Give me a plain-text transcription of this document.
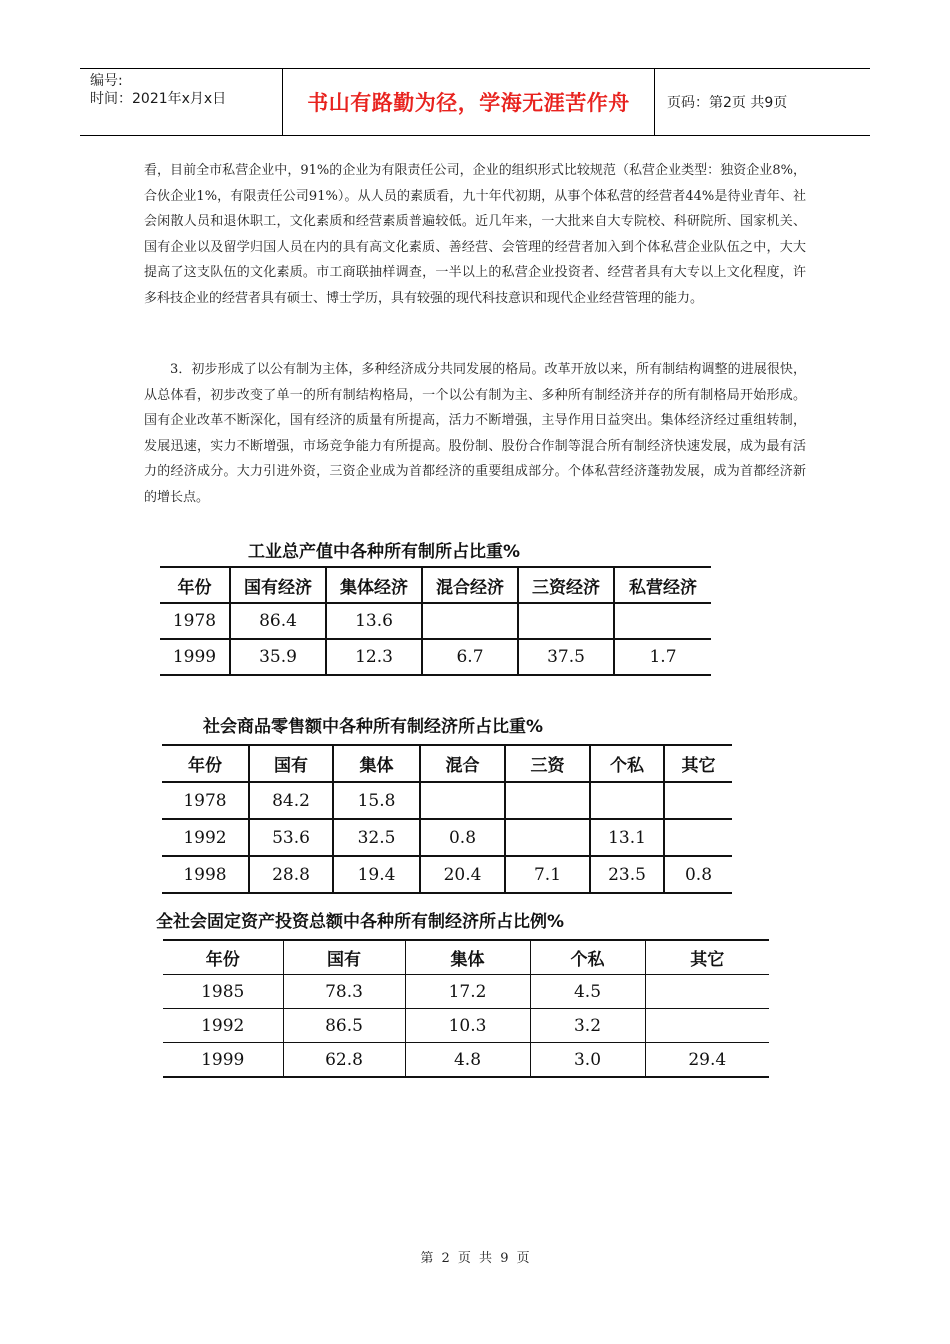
编号:
时间：2021年x月x日	书山有路勤为径，学海无涯苦作舟	页码：第2页 共9页

看，目前全市私营企业中，91%的企业为有限责任公司，企业的组织形式比较规范（私营企业类型：独资企业8%，合伙企业1%，有限责任公司91%）。从人员的素质看，九十年代初期，从事个体私营的经营者44%是待业青年、社会闲散人员和退休职工，文化素质和经营素质普遍较低。近几年来，一大批来自大专院校、科研院所、国家机关、国有企业以及留学归国人员在内的具有高文化素质、善经营、会管理的经营者加入到个体私营企业队伍之中，大大提高了这支队伍的文化素质。市工商联抽样调查，一半以上的私营企业投资者、经营者具有大专以上文化程度，许多科技企业的经营者具有硕士、博士学历，具有较强的现代科技意识和现代企业经营管理的能力。

3．初步形成了以公有制为主体，多种经济成分共同发展的格局。改革开放以来，所有制结构调整的进展很快，从总体看，初步改变了单一的所有制结构格局，一个以公有制为主、多种所有制经济并存的所有制格局开始形成。国有企业改革不断深化，国有经济的质量有所提高，活力不断增强，主导作用日益突出。集体经济经过重组转制，发展迅速，实力不断增强，市场竞争能力有所提高。股份制、股份合作制等混合所有制经济快速发展，成为最有活力的经济成分。大力引进外资，三资企业成为首都经济的重要组成部分。个体私营经济蓬勃发展，成为首都经济新的增长点。

工业总产值中各种所有制所占比重%
年份	国有经济	集体经济	混合经济	三资经济	私营经济
1978	86.4	13.6			
1999	35.9	12.3	6.7	37.5	1.7
社会商品零售额中各种所有制经济所占比重%
年份	国有	集体	混合	三资	个私	其它
1978	84.2	15.8				
1992	53.6	32.5	0.8		13.1	
1998	28.8	19.4	20.4	7.1	23.5	0.8
全社会固定资产投资总额中各种所有制经济所占比例%
年份	国有	集体	个私	其它
1985	78.3	17.2	4.5	
1992	86.5	10.3	3.2	
1999	62.8	4.8	3.0	29.4
第 2 页 共 9 页
